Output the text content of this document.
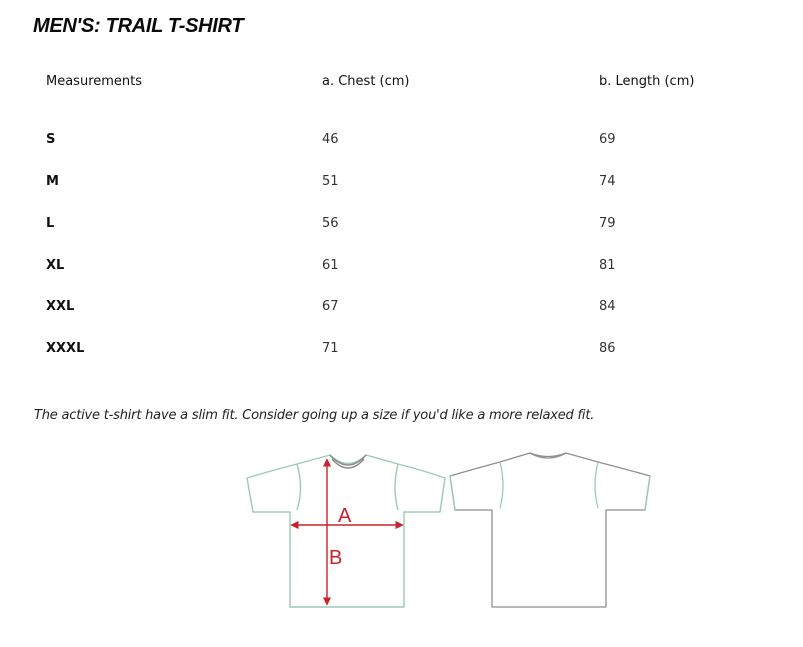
MEN'S: TRAIL T-SHIRT
Measurements	a. Chest (cm)	b. Length (cm)
S	46	69
M	51	74
L	56	79
XL	61	81
XXL	67	84
XXXL	71	86
The active t-shirt have a slim fit. Consider going up a size if you'd like a more relaxed fit.
A
B
